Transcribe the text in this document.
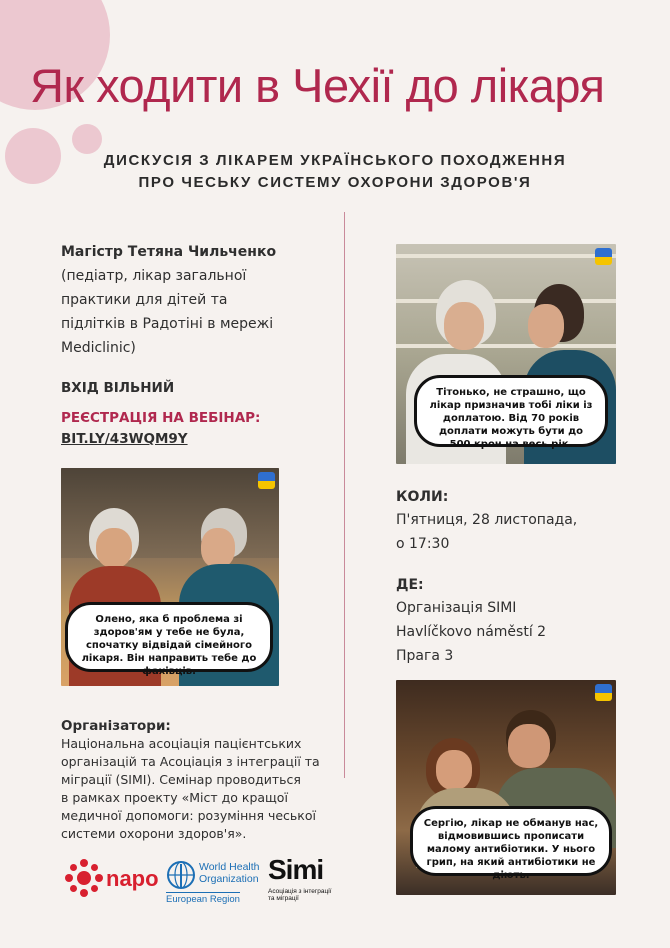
Як ходити в Чехії до лікаря
ДИСКУСІЯ З ЛІКАРЕМ УКРАЇНСЬКОГО ПОХОДЖЕННЯ
ПРО ЧЕСЬКУ СИСТЕМУ ОХОРОНИ ЗДОРОВ'Я
Магістр Тетяна Чильченко
(педіатр, лікар загальної
практики для дітей та
підлітків в Радотіні в мережі
Mediclinic)
ВХІД ВІЛЬНИЙ
РЕЄСТРАЦІЯ НА ВЕБІНАР:
BIT.LY/43WQM9Y
Олено, яка б проблема зі здоров'ям у тебе не була, спочатку відвідай сімейного лікаря. Він направить тебе до фахівців.
Організатори:
Національна асоціація пацієнтських
організацій та Асоціація з інтеграції та
міграції (SIMI). Семінар проводиться
в рамках проекту «Міст до кращої
медичної допомоги: розуміння чеської
системи охорони здоров'я».
napo	World Health
Organization
European Region
Simi
Асоціація з інтеграції
та міграції
Тітонько, не страшно, що лікар призначив тобі ліки із доплатою. Від 70 років доплати можуть бути до 500 крон на весь рік.
КОЛИ:
П'ятниця, 28 листопада,
о 17:30
ДЕ:
Організація SIMI
Havlíčkovo náměstí 2
Прага 3
Сергію, лікар не обманув нас, відмовившись прописати малому антибіотики. У нього грип, на який антибіотики не діють.
